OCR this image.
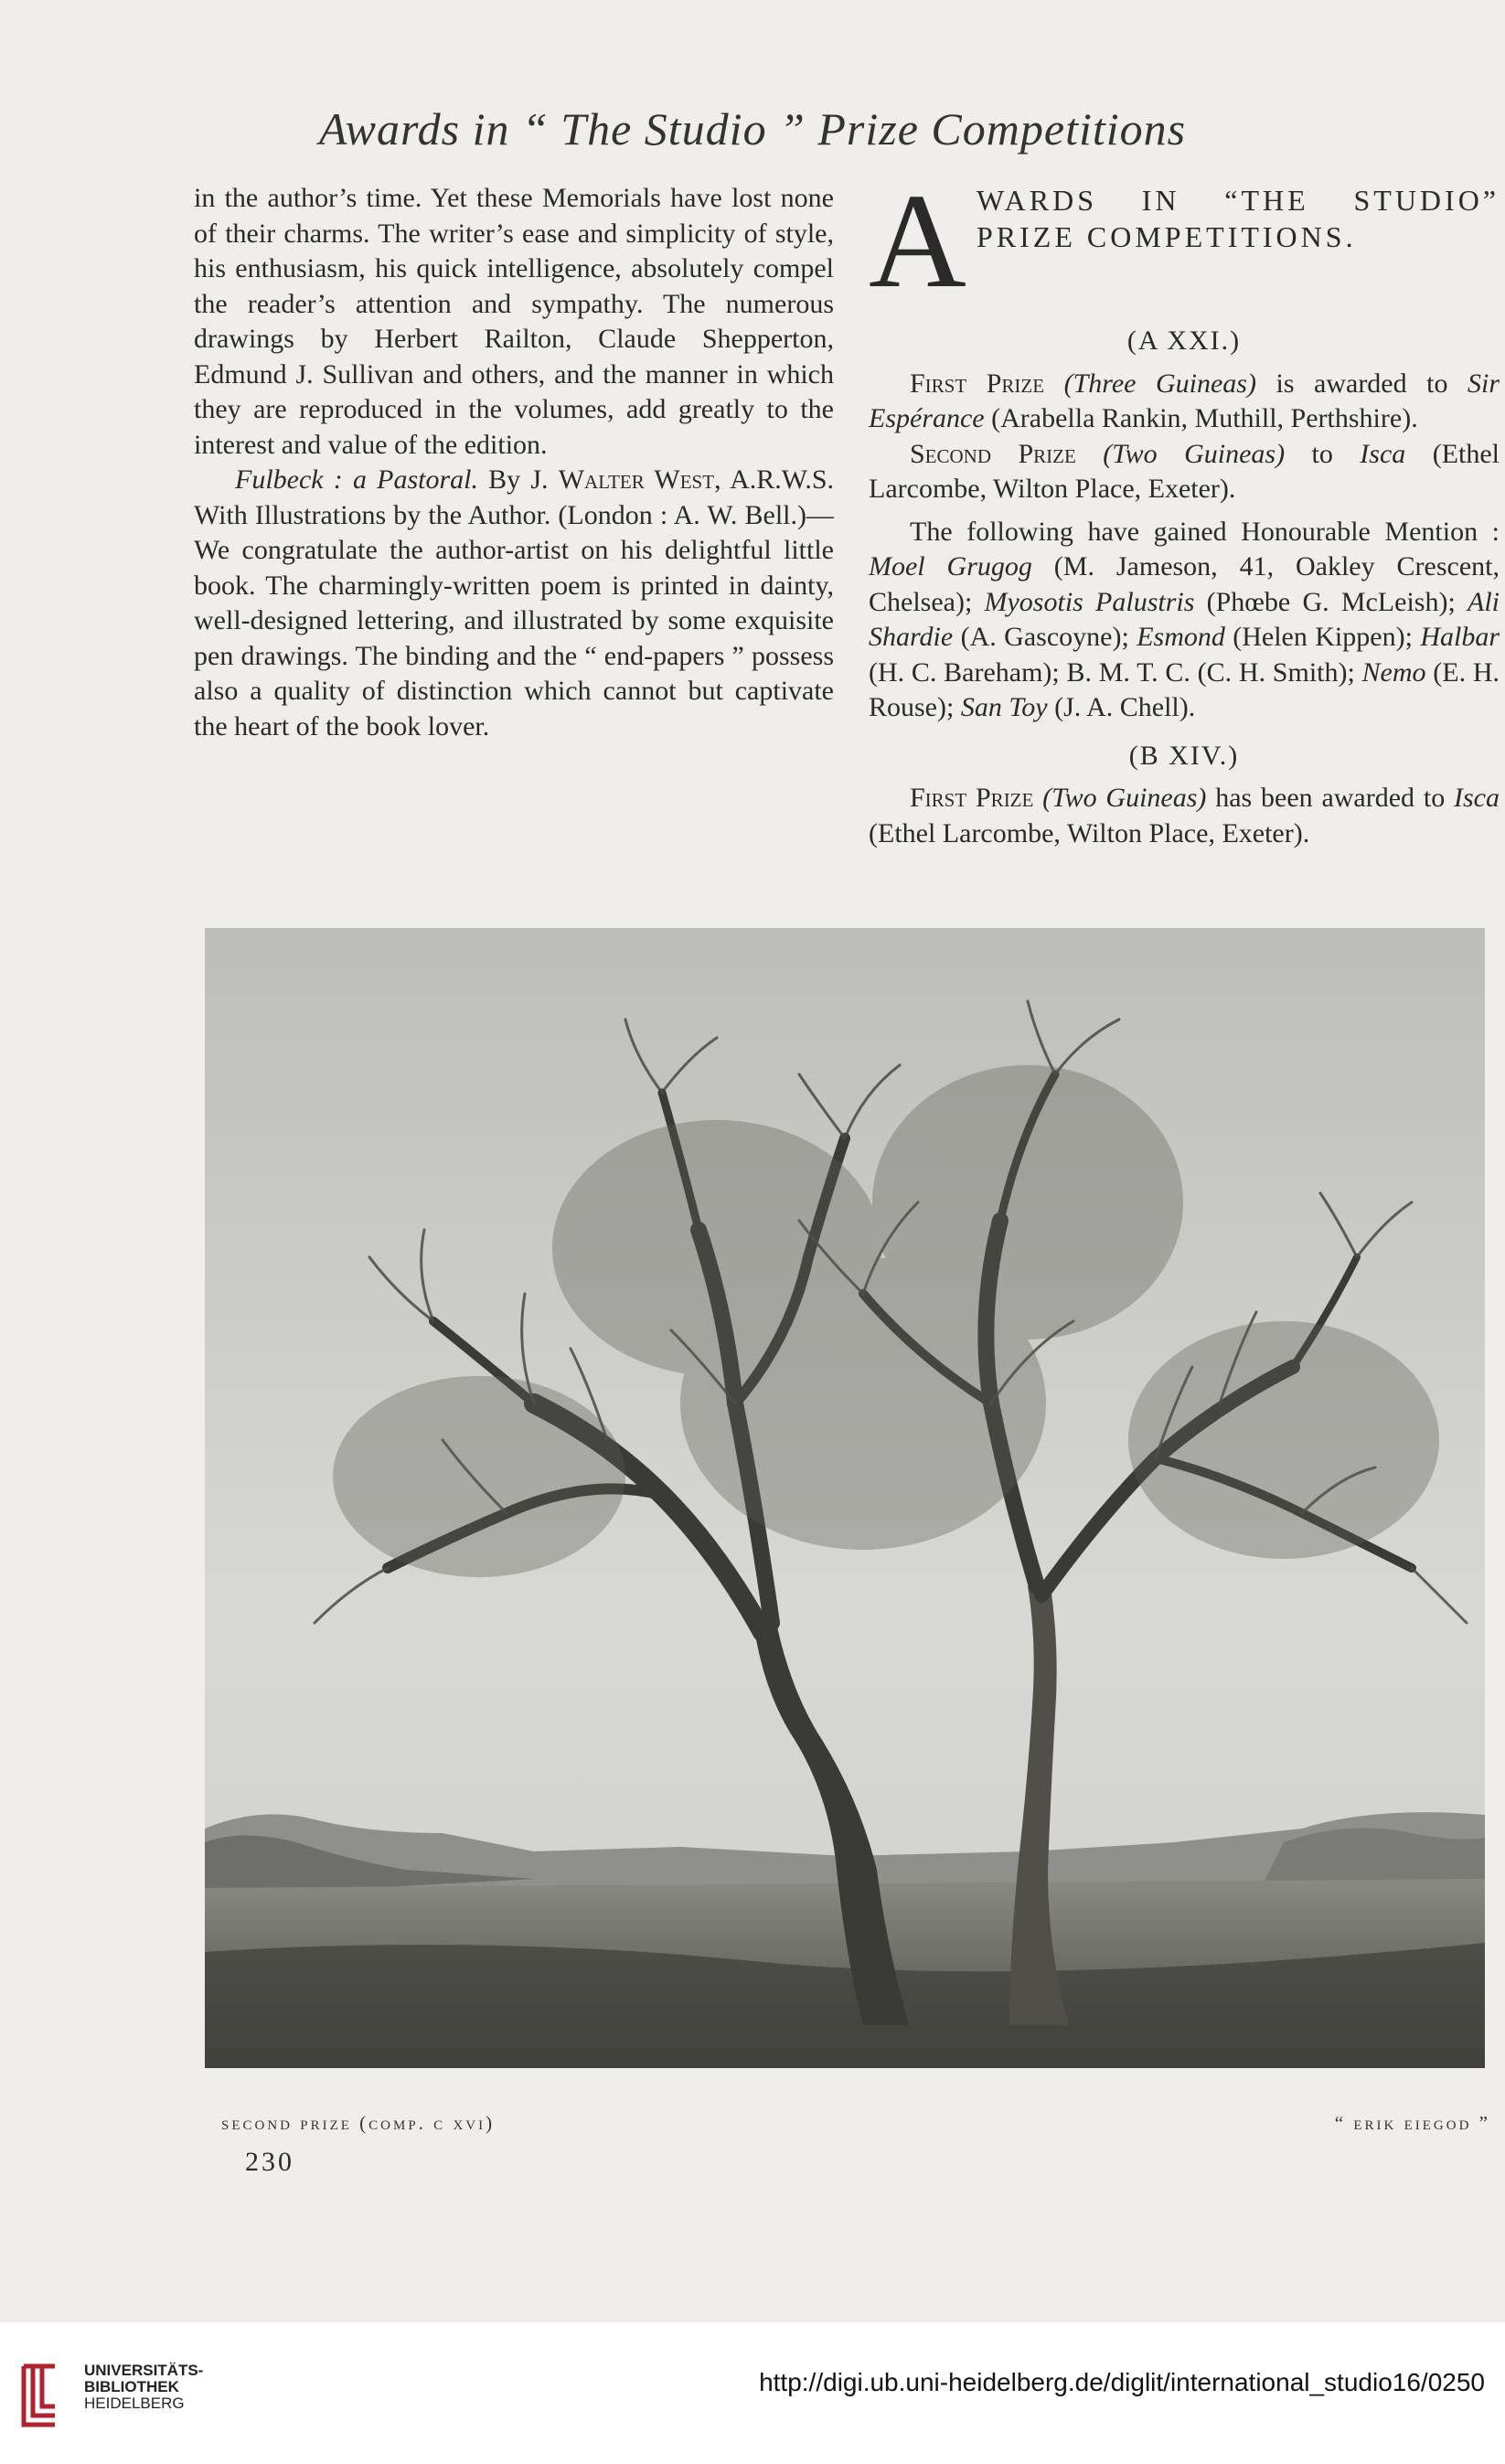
Awards in “ The Studio ” Prize Competitions

in the author’s time. Yet these Memorials have lost none of their charms. The writer’s ease and simplicity of style, his enthusiasm, his quick intelligence, absolutely compel the reader’s attention and sympathy. The numerous drawings by Herbert Railton, Claude Shepperton, Edmund J. Sullivan and others, and the manner in which they are reproduced in the volumes, add greatly to the interest and value of the edition.

Fulbeck : a Pastoral. By J. Walter West, A.R.W.S. With Illustrations by the Author. (London : A. W. Bell.)—We congratulate the author-artist on his delightful little book. The charmingly-written poem is printed in dainty, well-designed lettering, and illustrated by some exquisite pen drawings. The binding and the “ end-papers ” possess also a quality of distinction which cannot but captivate the heart of the book lover.

A WARDS IN “THE STUDIO”
PRIZE COMPETITIONS.

(A XXI.)

First Prize (Three Guineas) is awarded to Sir Espérance (Arabella Rankin, Muthill, Perthshire).

Second Prize (Two Guineas) to Isca (Ethel Larcombe, Wilton Place, Exeter).

The following have gained Honourable Mention : Moel Grugog (M. Jameson, 41, Oakley Crescent, Chelsea); Myosotis Palustris (Phœbe G. McLeish); Ali Shardie (A. Gascoyne); Esmond (Helen Kippen); Halbar (H. C. Bareham); B. M. T. C. (C. H. Smith); Nemo (E. H. Rouse); San Toy (J. A. Chell).

(B XIV.)

First Prize (Two Guineas) has been awarded to Isca (Ethel Larcombe, Wilton Place, Exeter).

second prize (comp. c xvi)	“ erik eiegod ”
230
UNIVERSITÄTS-
BIBLIOTHEK
HEIDELBERG
http://digi.ub.uni-heidelberg.de/diglit/international_studio16/0250
